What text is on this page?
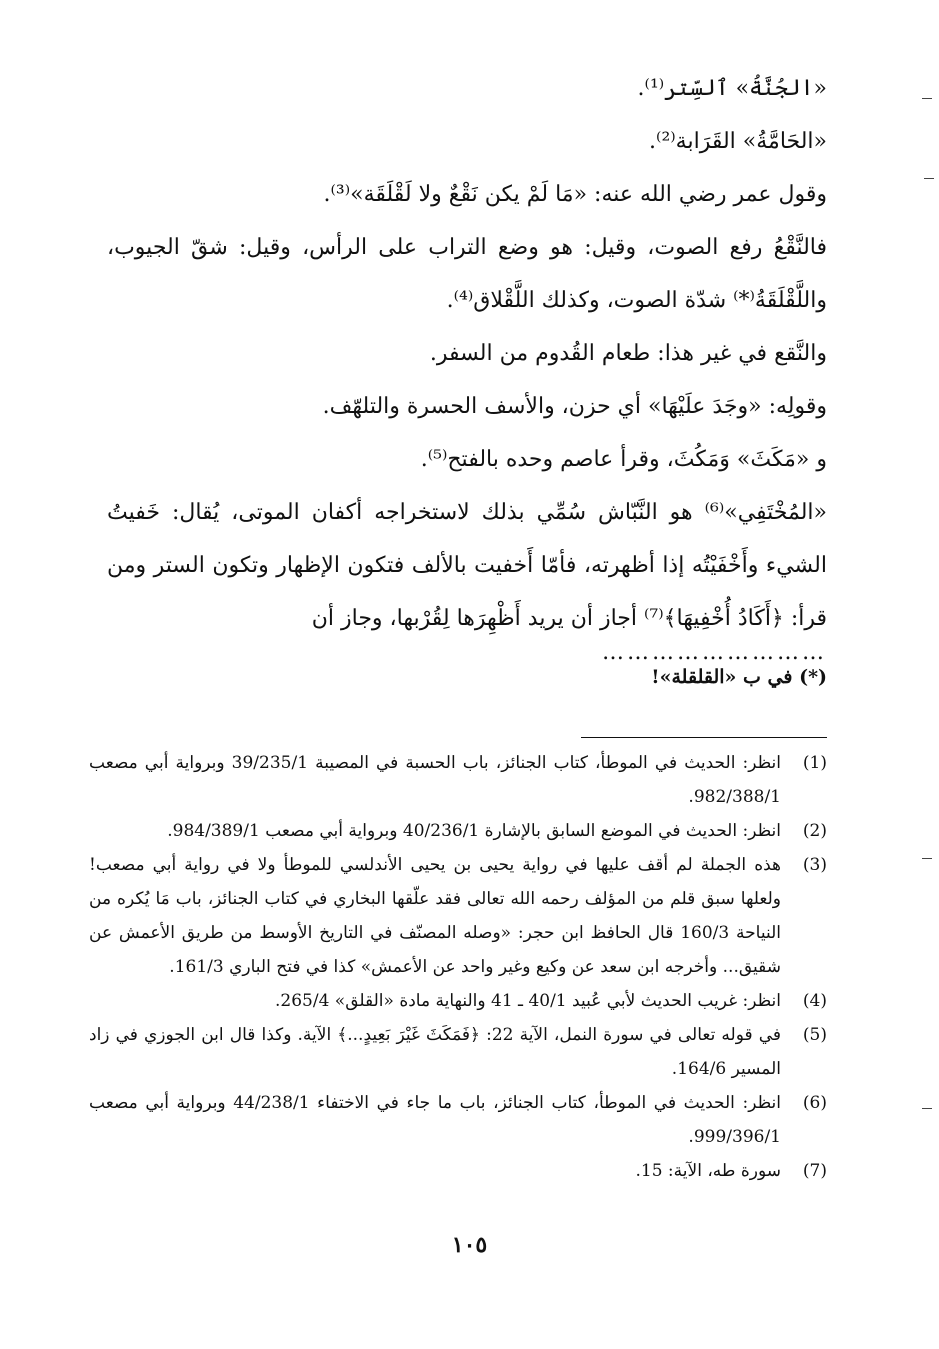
«الجُنَّةُ» ٱلسِّتر⁽¹⁾.

«الحَامَّةُ» القَرَابة⁽²⁾.

وقول عمر رضي الله عنه: «مَا لَمْ يكن نَقْعٌ ولا لَقْلَقَة»⁽³⁾.

فالنَّقْعُ رفع الصوت، وقيل: هو وضع التراب على الرأس، وقيل: شقّ الجيوب، واللَّقْلَقَةُ⁽*⁾ شدّة الصوت، وكذلك اللَّقْلاق⁽⁴⁾.

والنَّقع في غير هذا: طعام القُدوم من السفر.

وقولِه: «وجَدَ علَيْهَا» أي حزن، والأسف الحسرة والتلهّف.

و «مَكَثَ» وَمَكُثَ، وقرأ عاصم وحده بالفتح⁽⁵⁾.

«المُخْتَفِي»⁽⁶⁾ هو النَّبّاش سُمِّي بذلك لاستخراجه أكفان الموتى، يُقال: خَفيتُ الشيء وأَخْفَيْتُه إذا أظهرته، فأمّا أَخفيت بالألف فتكون الإظهار وتكون الستر ومن قرأ: ﴿أَكَادُ أُخْفِيهَا﴾⁽⁷⁾ أجاز أن يريد أَظْهِرَها لِقُرْبها، وجاز أن

………………………
(*) في ب «القلقلة»!
(1)
انظر: الحديث في الموطأ، كتاب الجنائز، باب الحسبة في المصيبة 39/235/1 وبرواية أبي مصعب 982/388/1.
(2)
انظر: الحديث في الموضع السابق بالإشارة 40/236/1 وبرواية أبي مصعب 984/389/1.
(3)
هذه الجملة لم أقف عليها في رواية يحيى بن يحيى الأندلسي للموطأ ولا في رواية أبي مصعب! ولعلها سبق قلم من المؤلف رحمه الله تعالى فقد علّقها البخاري في كتاب الجنائز، باب مَا يُكره من النياحة 160/3 قال الحافظ ابن حجر: «وصله المصنّف في التاريخ الأوسط من طريق الأعمش عن شقيق... وأخرجه ابن سعد عن وكيع وغير واحد عن الأعمش» كذا في فتح الباري 161/3.
(4)
انظر: غريب الحديث لأبي عُبيد 40/1 ـ 41 والنهاية مادة «القلق» 265/4.
(5)
في قوله تعالى في سورة النمل، الآية 22: ﴿فَمَكَثَ غَيْرَ بَعِيدٍ...﴾ الآية. وكذا قال ابن الجوزي في زاد المسير 164/6.
(6)
انظر: الحديث في الموطأ، كتاب الجنائز، باب ما جاء في الاختفاء 44/238/1 وبرواية أبي مصعب 999/396/1.
(7)
سورة طه، الآية: 15.
١٠٥
